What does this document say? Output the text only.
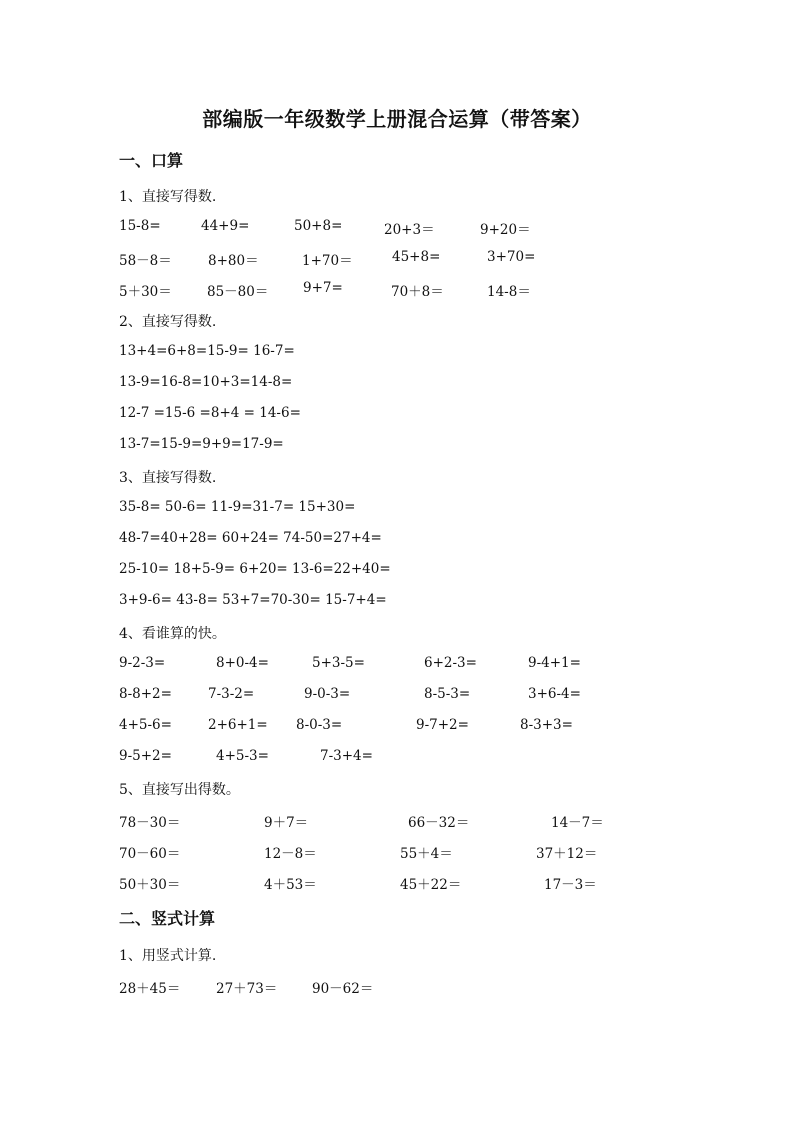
部编版一年级数学上册混合运算（带答案）
一、口算
1、直接写得数.
15-8=	44+9=	50+8=	20+3＝	9+20＝
58－8＝	8+80＝	1+70＝	45+8=	3+70=
5＋30＝	85－80＝	9+7=	70＋8＝	14-8＝
2、直接写得数.
13+4=6+8=15-9= 16-7=
13-9=16-8=10+3=14-8=
12-7 =15-6 =8+4 = 14-6=
13-7=15-9=9+9=17-9=
3、直接写得数.
35-8= 50-6= 11-9=31-7= 15+30=
48-7=40+28= 60+24= 74-50=27+4=
25-10= 18+5-9= 6+20= 13-6=22+40=
3+9-6= 43-8= 53+7=70-30= 15-7+4=
4、看谁算的快。
9-2-3=	8+0-4=	5+3-5=	6+2-3=	9-4+1=
8-8+2=	7-3-2=	9-0-3=	8-5-3=	3+6-4=
4+5-6=	2+6+1= 8-0-3=	9-7+2=	8-3+3=
9-5+2=	4+5-3=	7-3+4=
5、直接写出得数。
78－30＝	9＋7＝	66－32＝	14－7＝
70－60＝	12－8＝	55＋4＝	37＋12＝
50＋30＝	4＋53＝	45＋22＝	17－3＝
二、竖式计算
1、用竖式计算.
28＋45＝	27＋73＝	90－62＝
